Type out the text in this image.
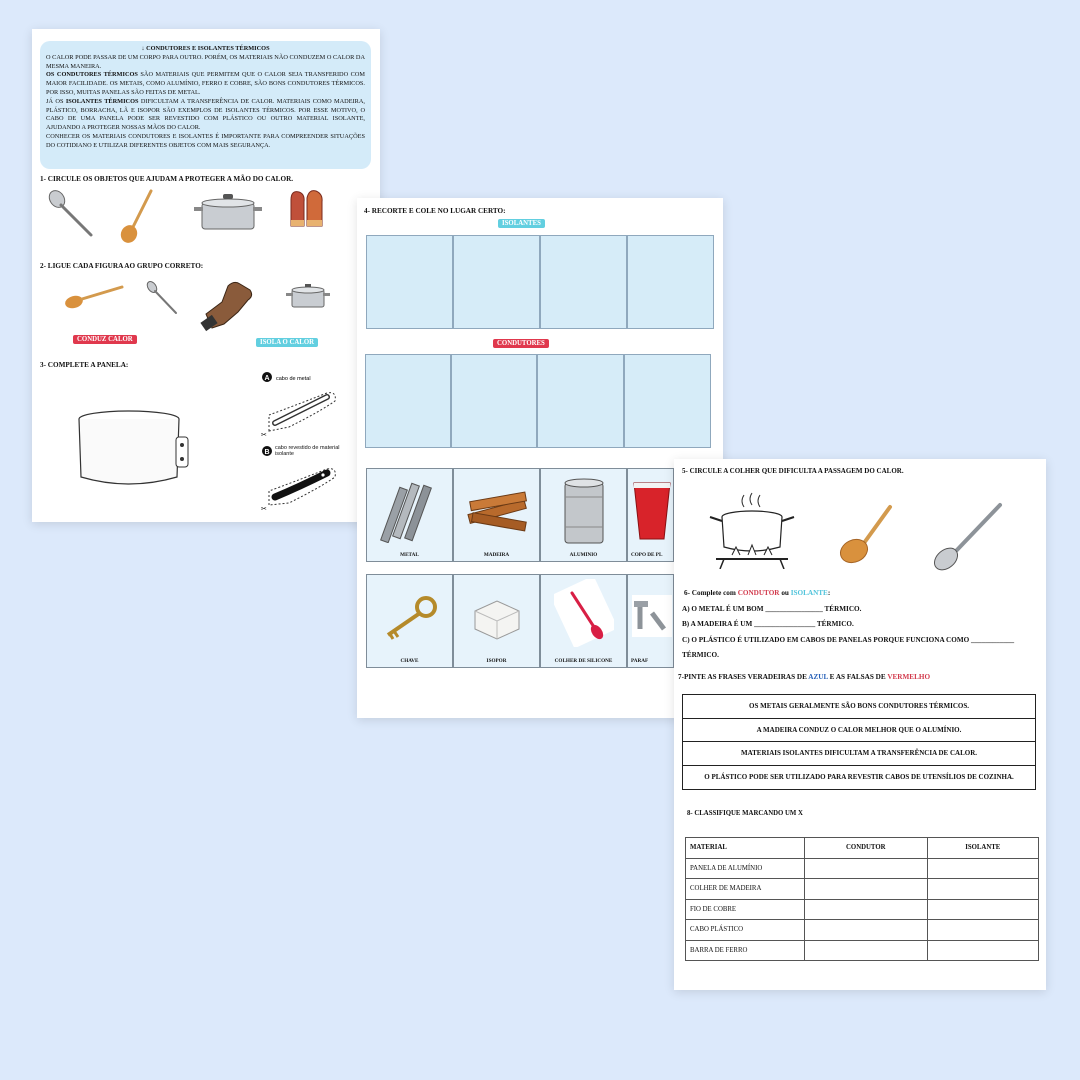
↓ CONDUTORES E ISOLANTES TÉRMICOS

O CALOR PODE PASSAR DE UM CORPO PARA OUTRO. PORÉM, OS MATERIAIS NÃO CONDUZEM O CALOR DA MESMA MANEIRA.

OS CONDUTORES TÉRMICOS SÃO MATERIAIS QUE PERMITEM QUE O CALOR SEJA TRANSFERIDO COM MAIOR FACILIDADE. OS METAIS, COMO ALUMÍNIO, FERRO E COBRE, SÃO BONS CONDUTORES TÉRMICOS. POR ISSO, MUITAS PANELAS SÃO FEITAS DE METAL.

JÁ OS ISOLANTES TÉRMICOS DIFICULTAM A TRANSFERÊNCIA DE CALOR. MATERIAIS COMO MADEIRA, PLÁSTICO, BORRACHA, LÃ E ISOPOR SÃO EXEMPLOS DE ISOLANTES TÉRMICOS. POR ESSE MOTIVO, O CABO DE UMA PANELA PODE SER REVESTIDO COM PLÁSTICO OU OUTRO MATERIAL ISOLANTE, AJUDANDO A PROTEGER NOSSAS MÃOS DO CALOR.

CONHECER OS MATERIAIS CONDUTORES E ISOLANTES É IMPORTANTE PARA COMPREENDER SITUAÇÕES DO COTIDIANO E UTILIZAR DIFERENTES OBJETOS COM MAIS SEGURANÇA.

1- CIRCULE OS OBJETOS QUE AJUDAM A PROTEGER A MÃO DO CALOR.
2- LIGUE CADA FIGURA AO GRUPO CORRETO:
CONDUZ CALOR	ISOLA O CALOR
3- COMPLETE A PANELA:
A cabo de metal
✂
B
cabo revestido de material isolante
✂
4- RECORTE E COLE NO LUGAR CERTO:
ISOLANTES
CONDUTORES
METAL	MADEIRA	ALUMÍNIO	COPO DE PL
CHAVE	ISOPOR	COLHER DE SILICONE	PARAF
5- CIRCULE A COLHER QUE DIFICULTA A PASSAGEM DO CALOR.
6- Complete com CONDUTOR ou ISOLANTE:
A) O METAL É UM BOM ________________ TÉRMICO.
B) A MADEIRA É UM _________________ TÉRMICO.
C) O PLÁSTICO É UTILIZADO EM CABOS DE PANELAS PORQUE FUNCIONA COMO ____________
TÉRMICO.
7-PINTE AS FRASES VERADEIRAS DE AZUL E AS FALSAS DE VERMELHO
OS METAIS GERALMENTE SÃO BONS CONDUTORES TÉRMICOS.
A MADEIRA CONDUZ O CALOR MELHOR QUE O ALUMÍNIO.
MATERIAIS ISOLANTES DIFICULTAM A TRANSFERÊNCIA DE CALOR.
O PLÁSTICO PODE SER UTILIZADO PARA REVESTIR CABOS DE UTENSÍLIOS DE COZINHA.
8- CLASSIFIQUE MARCANDO UM X
MATERIAL	CONDUTOR	ISOLANTE
PANELA DE ALUMÍNIO		
COLHER DE MADEIRA		
FIO DE COBRE		
CABO PLÁSTICO		
BARRA DE FERRO		
